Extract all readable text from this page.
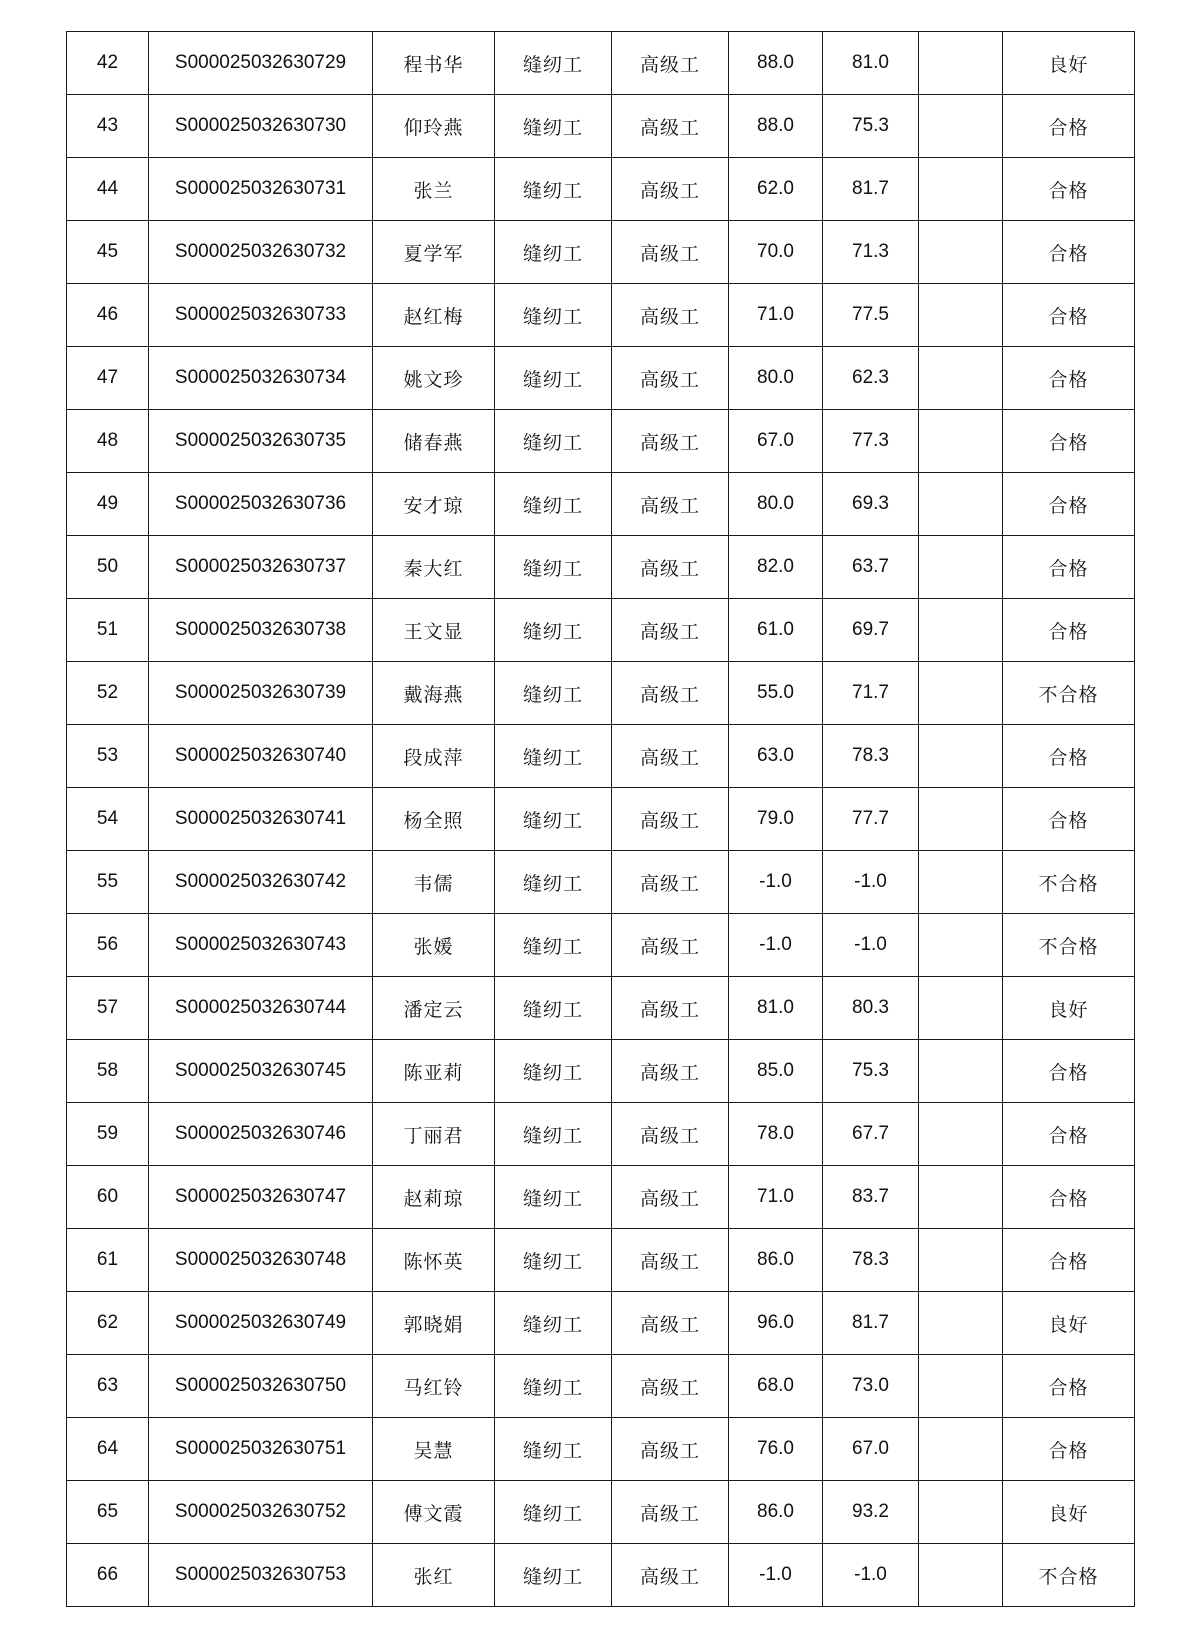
42	S000025032630729	程书华	缝纫工	高级工	88.0	81.0		良好
43	S000025032630730	仰玲燕	缝纫工	高级工	88.0	75.3		合格
44	S000025032630731	张兰	缝纫工	高级工	62.0	81.7		合格
45	S000025032630732	夏学军	缝纫工	高级工	70.0	71.3		合格
46	S000025032630733	赵红梅	缝纫工	高级工	71.0	77.5		合格
47	S000025032630734	姚文珍	缝纫工	高级工	80.0	62.3		合格
48	S000025032630735	储春燕	缝纫工	高级工	67.0	77.3		合格
49	S000025032630736	安才琼	缝纫工	高级工	80.0	69.3		合格
50	S000025032630737	秦大红	缝纫工	高级工	82.0	63.7		合格
51	S000025032630738	王文显	缝纫工	高级工	61.0	69.7		合格
52	S000025032630739	戴海燕	缝纫工	高级工	55.0	71.7		不合格
53	S000025032630740	段成萍	缝纫工	高级工	63.0	78.3		合格
54	S000025032630741	杨全照	缝纫工	高级工	79.0	77.7		合格
55	S000025032630742	韦儒	缝纫工	高级工	-1.0	-1.0		不合格
56	S000025032630743	张媛	缝纫工	高级工	-1.0	-1.0		不合格
57	S000025032630744	潘定云	缝纫工	高级工	81.0	80.3		良好
58	S000025032630745	陈亚莉	缝纫工	高级工	85.0	75.3		合格
59	S000025032630746	丁丽君	缝纫工	高级工	78.0	67.7		合格
60	S000025032630747	赵莉琼	缝纫工	高级工	71.0	83.7		合格
61	S000025032630748	陈怀英	缝纫工	高级工	86.0	78.3		合格
62	S000025032630749	郭晓娟	缝纫工	高级工	96.0	81.7		良好
63	S000025032630750	马红铃	缝纫工	高级工	68.0	73.0		合格
64	S000025032630751	吴慧	缝纫工	高级工	76.0	67.0		合格
65	S000025032630752	傅文霞	缝纫工	高级工	86.0	93.2		良好
66	S000025032630753	张红	缝纫工	高级工	-1.0	-1.0		不合格
